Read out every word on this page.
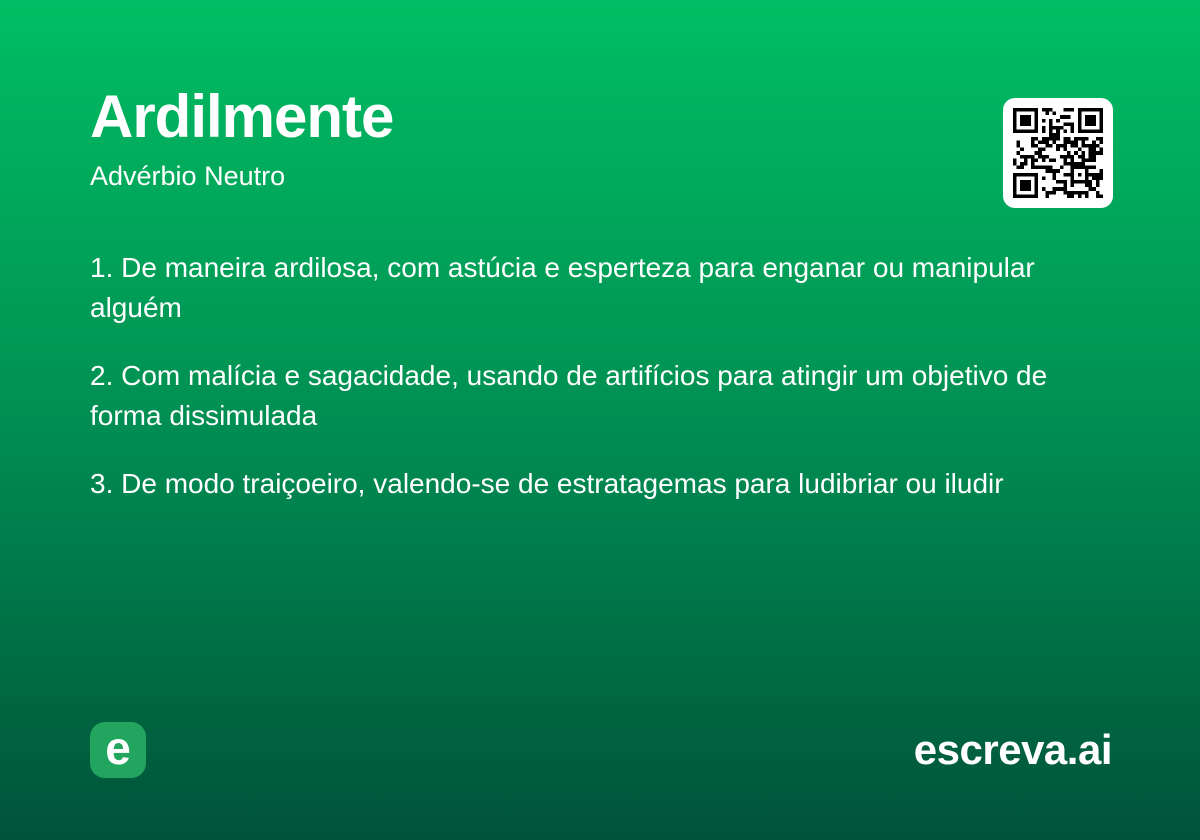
Ardilmente

Advérbio Neutro

1. De maneira ardilosa, com astúcia e esperteza para enganar ou manipular alguém

2. Com malícia e sagacidade, usando de artifícios para atingir um objetivo de forma dissimulada

3. De modo traiçoeiro, valendo-se de estratagemas para ludibriar ou iludir

e	escreva.ai
